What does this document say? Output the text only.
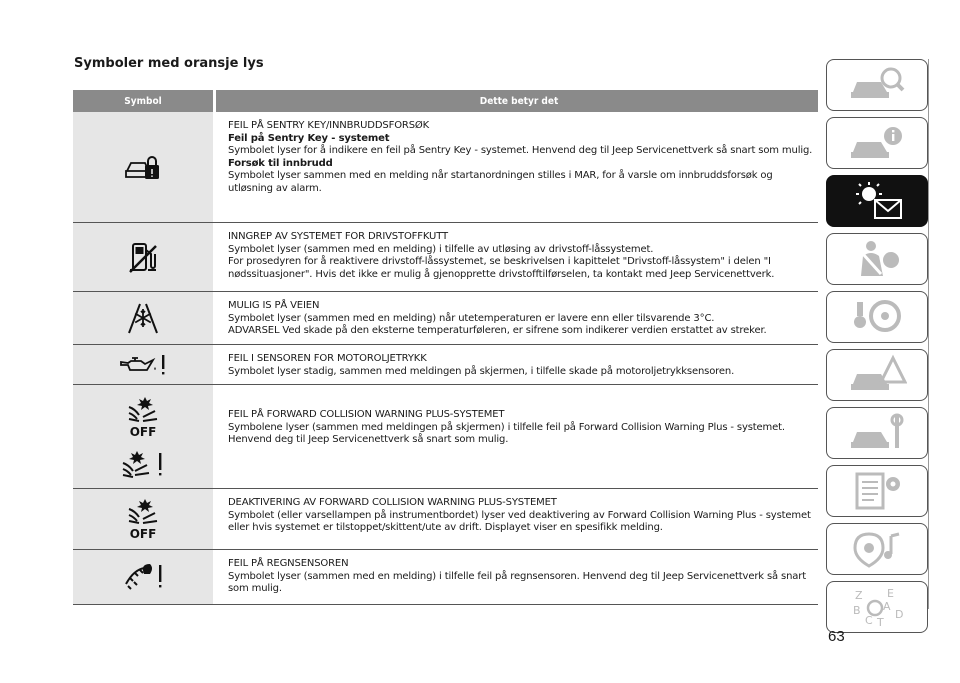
Symboler med oransje lys
Symbol	Dette betyr det
FEIL PÅ SENTRY KEY/INNBRUDDSFORSØK
Feil på Sentry Key - systemet
Symbolet lyser for å indikere en feil på Sentry Key - systemet. Henvend deg til Jeep Servicenettverk så snart som mulig.
Forsøk til innbrudd
Symbolet lyser sammen med en melding når startanordningen stilles i MAR, for å varsle om innbruddsforsøk og utløsning av alarm.
INNGREP AV SYSTEMET FOR DRIVSTOFFKUTT
Symbolet lyser (sammen med en melding) i tilfelle av utløsing av drivstoff-låssystemet.
For prosedyren for å reaktivere drivstoff-låssystemet, se beskrivelsen i kapittelet "Drivstoff-låssystem" i delen "I nødssituasjoner". Hvis det ikke er mulig å gjenopprette drivstofftilførselen, ta kontakt med Jeep Servicenettverk.
MULIG IS PÅ VEIEN
Symbolet lyser (sammen med en melding) når utetemperaturen er lavere enn eller tilsvarende 3°C.
ADVARSEL Ved skade på den eksterne temperaturføleren, er sifrene som indikerer verdien erstattet av streker.
FEIL I SENSOREN FOR MOTOROLJETRYKK
Symbolet lyser stadig, sammen med meldingen på skjermen, i tilfelle skade på motoroljetrykksensoren.
OFF
FEIL PÅ FORWARD COLLISION WARNING PLUS-SYSTEMET
Symbolene lyser (sammen med meldingen på skjermen) i tilfelle feil på Forward Collision Warning Plus - systemet. Henvend deg til Jeep Servicenettverk så snart som mulig.
OFF
DEAKTIVERING AV FORWARD COLLISION WARNING PLUS-SYSTEMET
Symbolet (eller varsellampen på instrumentbordet) lyser ved deaktivering av Forward Collision Warning Plus - systemet eller hvis systemet er tilstoppet/skittent/ute av drift. Displayet viser en spesifikk melding.
FEIL PÅ REGNSENSOREN
Symbolet lyser (sammen med en melding) i tilfelle feil på regnsensoren. Henvend deg til Jeep Servicenettverk så snart som mulig.
Z E
B A
C D
T
63
